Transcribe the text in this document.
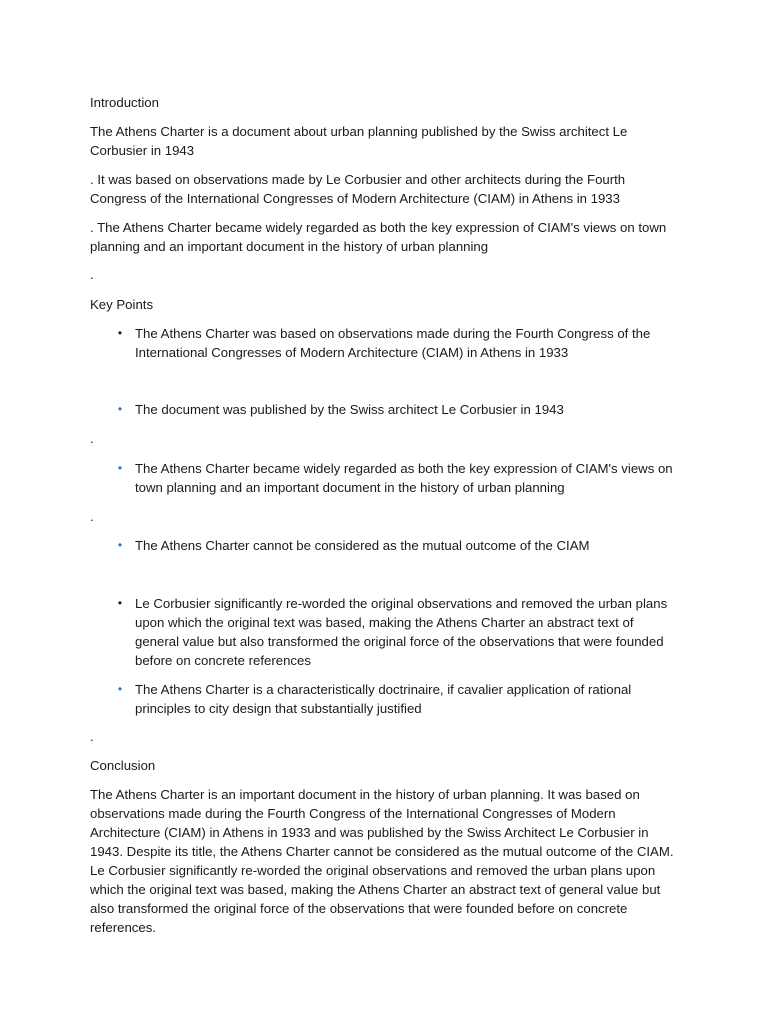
Introduction

The Athens Charter is a document about urban planning published by the Swiss architect Le Corbusier in 1943

. It was based on observations made by Le Corbusier and other architects during the Fourth Congress of the International Congresses of Modern Architecture (CIAM) in Athens in 1933

. The Athens Charter became widely regarded as both the key expression of CIAM's views on town planning and an important document in the history of urban planning

.

Key Points

• The Athens Charter was based on observations made during the Fourth Congress of the International Congresses of Modern Architecture (CIAM) in Athens in 1933

• The document was published by the Swiss architect Le Corbusier in 1943

.
• The Athens Charter became widely regarded as both the key expression of CIAM's views on town planning and an important document in the history of urban planning

.
• The Athens Charter cannot be considered as the mutual outcome of the CIAM

• Le Corbusier significantly re-worded the original observations and removed the urban plans upon which the original text was based, making the Athens Charter an abstract text of general value but also transformed the original force of the observations that were founded before on concrete references

• The Athens Charter is a characteristically doctrinaire, if cavalier application of rational principles to city design that substantially justified

.

Conclusion

The Athens Charter is an important document in the history of urban planning. It was based on observations made during the Fourth Congress of the International Congresses of Modern Architecture (CIAM) in Athens in 1933 and was published by the Swiss Architect Le Corbusier in 1943. Despite its title, the Athens Charter cannot be considered as the mutual outcome of the CIAM. Le Corbusier significantly re-worded the original observations and removed the urban plans upon which the original text was based, making the Athens Charter an abstract text of general value but also transformed the original force of the observations that were founded before on concrete references.
